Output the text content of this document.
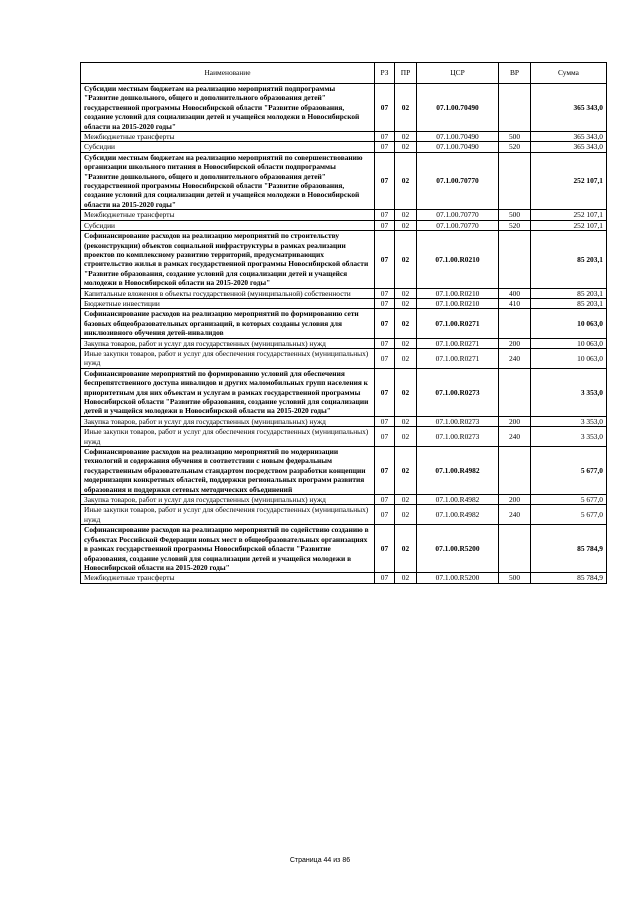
Наименование	РЗ	ПР	ЦСР	ВР	Сумма
Субсидии местным бюджетам на реализацию мероприятий подпрограммы "Развитие дошкольного, общего и дополнительного образования детей" государственной программы Новосибирской области "Развитие образования, создание условий для социализации детей и учащейся молодежи в Новосибирской области на 2015-2020 годы"	07	02	07.1.00.70490		365 343,0
Межбюджетные трансферты	07	02	07.1.00.70490	500	365 343,0
Субсидии	07	02	07.1.00.70490	520	365 343,0
Субсидии местным бюджетам на реализацию мероприятий по совершенствованию организации школьного питания в Новосибирской области подпрограммы "Развитие дошкольного, общего и дополнительного образования детей" государственной программы Новосибирской области "Развитие образования, создание условий для социализации детей и учащейся молодежи в Новосибирской области на 2015-2020 годы"	07	02	07.1.00.70770		252 107,1
Межбюджетные трансферты	07	02	07.1.00.70770	500	252 107,1
Субсидии	07	02	07.1.00.70770	520	252 107,1
Софинансирование расходов на реализацию мероприятий по строительству (реконструкции) объектов социальной инфраструктуры в рамках реализации проектов по комплексному развитию территорий, предусматривающих строительство жилья в рамках государственной программы Новосибирской области "Развитие образования, создание условий для социализации детей и учащейся молодежи в Новосибирской области на 2015-2020 годы"	07	02	07.1.00.R0210		85 203,1
Капитальные вложения в объекты государственной (муниципальной) собственности	07	02	07.1.00.R0210	400	85 203,1
Бюджетные инвестиции	07	02	07.1.00.R0210	410	85 203,1
Софинансирование расходов на реализацию мероприятий по формированию сети базовых общеобразовательных организаций, в которых созданы условия для инклюзивного обучения детей-инвалидов	07	02	07.1.00.R0271		10 063,0
Закупка товаров, работ и услуг для государственных (муниципальных) нужд	07	02	07.1.00.R0271	200	10 063,0
Иные закупки товаров, работ и услуг для обеспечения государственных (муниципальных) нужд	07	02	07.1.00.R0271	240	10 063,0
Софинансирование мероприятий по формированию условий для обеспечения беспрепятственного доступа инвалидов и других маломобильных групп населения к приоритетным для них объектам и услугам в рамках государственной программы Новосибирской области "Развитие образования, создание условий для социализации детей и учащейся молодежи в Новосибирской области на 2015-2020 годы"	07	02	07.1.00.R0273		3 353,0
Закупка товаров, работ и услуг для государственных (муниципальных) нужд	07	02	07.1.00.R0273	200	3 353,0
Иные закупки товаров, работ и услуг для обеспечения государственных (муниципальных) нужд	07	02	07.1.00.R0273	240	3 353,0
Софинансирование расходов на реализацию мероприятий по модернизации технологий и содержания обучения в соответствии с новым федеральным государственным образовательным стандартом посредством разработки концепции модернизации конкретных областей, поддержки региональных программ развития образования и поддержки сетевых методических объединений	07	02	07.1.00.R4982		5 677,0
Закупка товаров, работ и услуг для государственных (муниципальных) нужд	07	02	07.1.00.R4982	200	5 677,0
Иные закупки товаров, работ и услуг для обеспечения государственных (муниципальных) нужд	07	02	07.1.00.R4982	240	5 677,0
Софинансирование расходов на реализацию мероприятий по содействию созданию в субъектах Российской Федерации новых мест в общеобразовательных организациях в рамках государственной программы Новосибирской области "Развитие образования, создание условий для социализации детей и учащейся молодежи в Новосибирской области на 2015-2020 годы"	07	02	07.1.00.R5200		85 784,9
Межбюджетные трансферты	07	02	07.1.00.R5200	500	85 784,9
Страница 44 из 86
